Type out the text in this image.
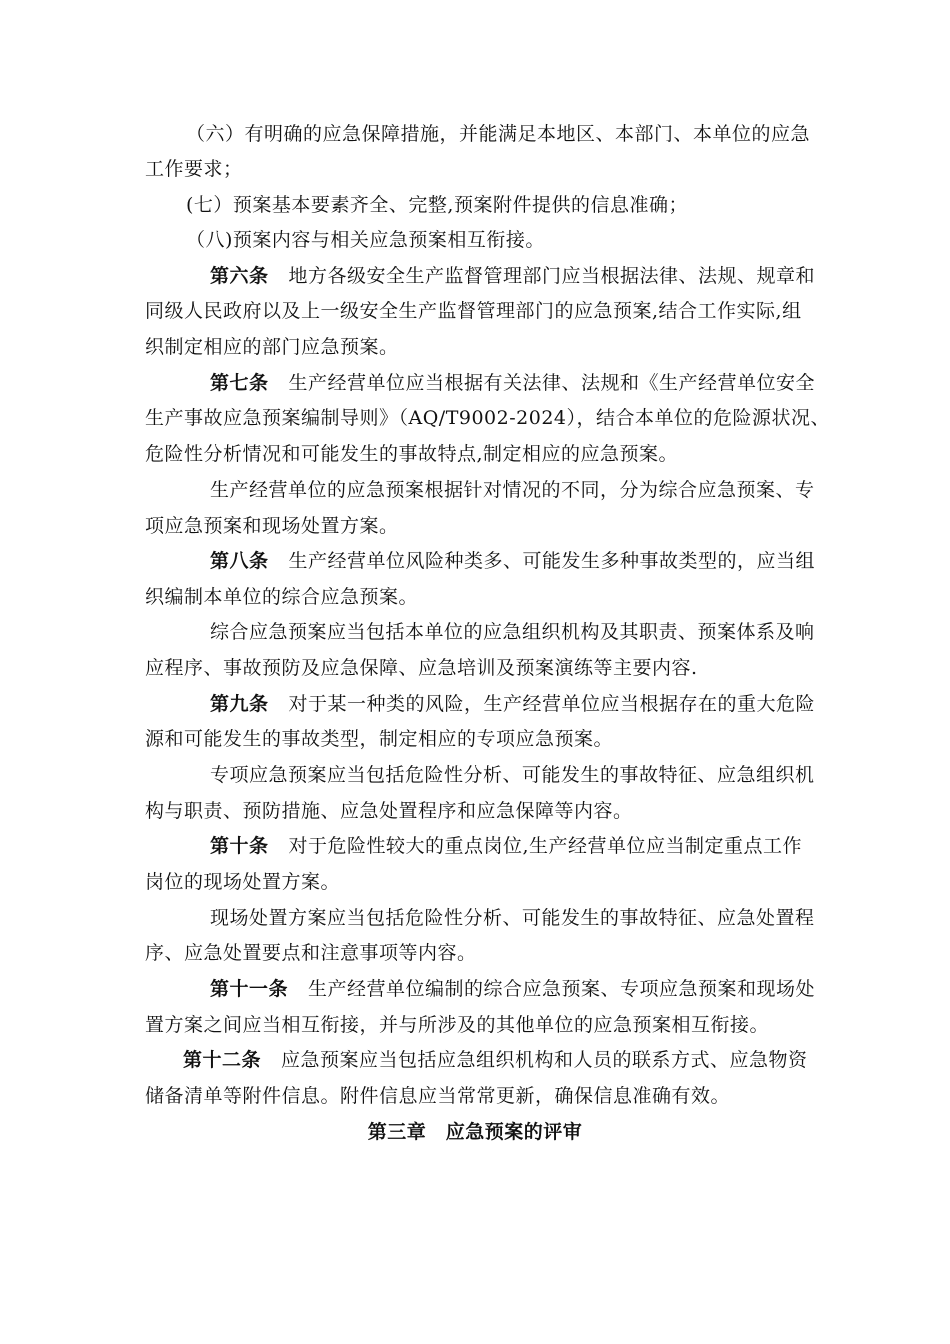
（六）有明确的应急保障措施，并能满足本地区、本部门、本单位的应急
工作要求；
(七）预案基本要素齐全、完整,预案附件提供的信息准确；
（八)预案内容与相关应急预案相互衔接。
第六条 地方各级安全生产监督管理部门应当根据法律、法规、规章和
同级人民政府以及上一级安全生产监督管理部门的应急预案,结合工作实际,组
织制定相应的部门应急预案。
第七条 生产经营单位应当根据有关法律、法规和《生产经营单位安全
生产事故应急预案编制导则》（AQ/T9002-2024），结合本单位的危险源状况、
危险性分析情况和可能发生的事故特点,制定相应的应急预案。
生产经营单位的应急预案根据针对情况的不同，分为综合应急预案、专
项应急预案和现场处置方案。
第八条 生产经营单位风险种类多、可能发生多种事故类型的，应当组
织编制本单位的综合应急预案。
综合应急预案应当包括本单位的应急组织机构及其职责、预案体系及响
应程序、事故预防及应急保障、应急培训及预案演练等主要内容.
第九条 对于某一种类的风险，生产经营单位应当根据存在的重大危险
源和可能发生的事故类型，制定相应的专项应急预案。
专项应急预案应当包括危险性分析、可能发生的事故特征、应急组织机
构与职责、预防措施、应急处置程序和应急保障等内容。
第十条 对于危险性较大的重点岗位,生产经营单位应当制定重点工作
岗位的现场处置方案。
现场处置方案应当包括危险性分析、可能发生的事故特征、应急处置程
序、应急处置要点和注意事项等内容。
第十一条 生产经营单位编制的综合应急预案、专项应急预案和现场处
置方案之间应当相互衔接，并与所涉及的其他单位的应急预案相互衔接。
第十二条 应急预案应当包括应急组织机构和人员的联系方式、应急物资
储备清单等附件信息。附件信息应当常常更新，确保信息准确有效。
第三章　应急预案的评审
